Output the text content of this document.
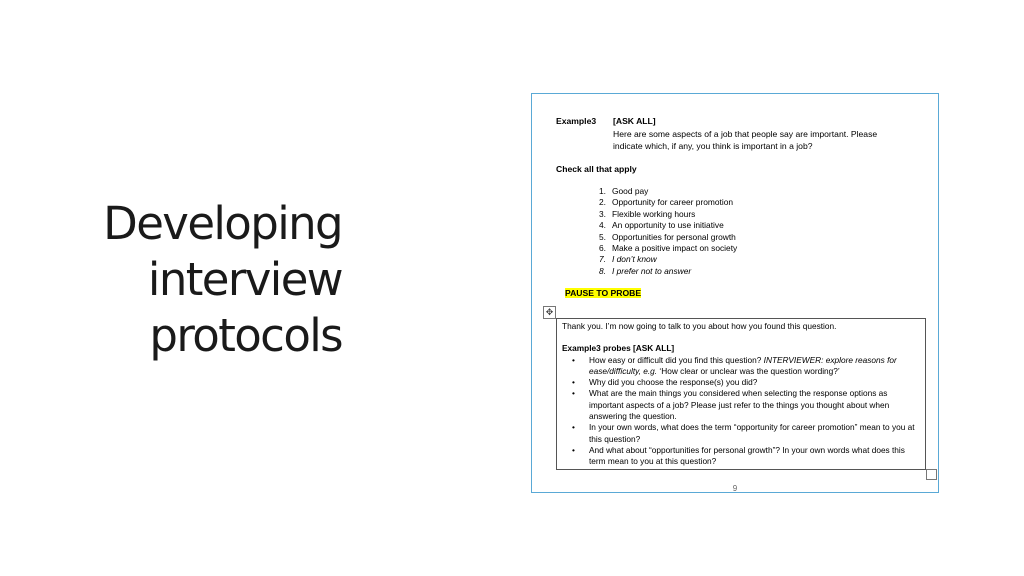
Developing
interview
protocols
Example3 [ASK ALL]
Here are some aspects of a job that people say are important. Please
indicate which, if any, you think is important in a job?
Check all that apply
1. Good pay
2. Opportunity for career promotion
3. Flexible working hours
4. An opportunity to use initiative
5. Opportunities for personal growth
6. Make a positive impact on society
7. I don’t know
8. I prefer not to answer
PAUSE TO PROBE
✥

Thank you. I’m now going to talk to you about how you found this question.

Example3 probes [ASK ALL]

• How easy or difficult did you find this question? INTERVIEWER: explore reasons for ease/difficulty, e.g. ‘How clear or unclear was the question wording?’
• Why did you choose the response(s) you did?
• What are the main things you considered when selecting the response options as important aspects of a job? Please just refer to the things you thought about when answering the question.
• In your own words, what does the term “opportunity for career promotion” mean to you at this question?
• And what about “opportunities for personal growth”? In your own words what does this term mean to you at this question?
9
